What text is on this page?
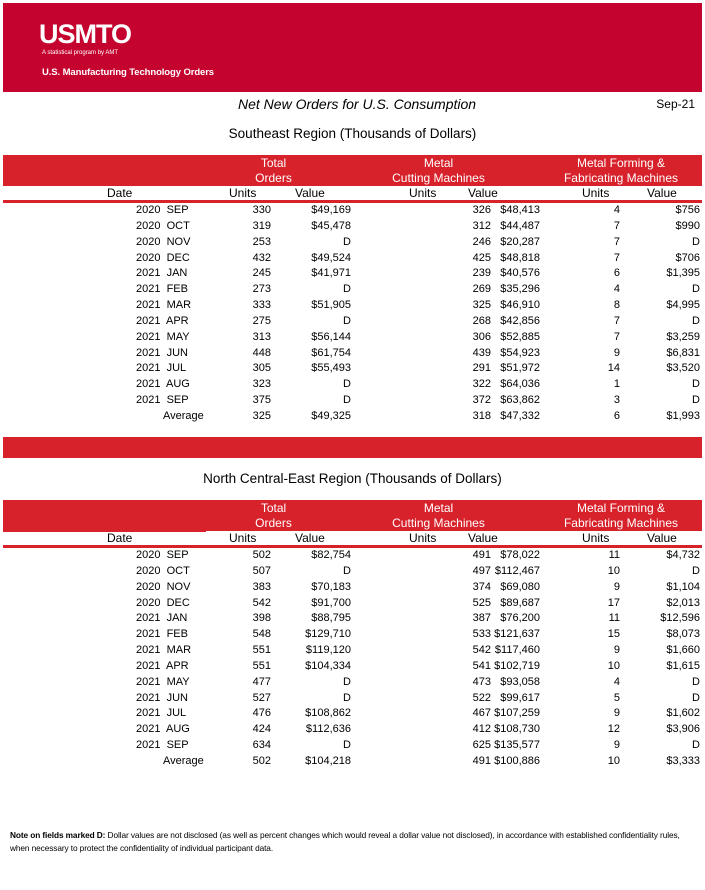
USMTO
A statistical program by AMT
U.S. Manufacturing Technology Orders
Net New Orders for U.S. Consumption	Sep-21
Southeast Region (Thousands of Dollars)
Total
Orders
Metal
Cutting Machines
Metal Forming &
Fabricating Machines
Date	Units	Value	Units	Value	Units	Value
2020  SEP	330	$49,169	326 $48,413	4	$756
2020  OCT	319	$45,478	312 $44,487	7	$990
2020  NOV	253	D	246 $20,287	7	D
2020  DEC	432	$49,524	425 $48,818	7	$706
2021  JAN	245	$41,971	239 $40,576	6	$1,395
2021  FEB	273	D	269 $35,296	4	D
2021  MAR	333	$51,905	325 $46,910	8	$4,995
2021  APR	275	D	268 $42,856	7	D
2021  MAY	313	$56,144	306 $52,885	7	$3,259
2021  JUN	448	$61,754	439 $54,923	9	$6,831
2021  JUL	305	$55,493	291 $51,972	14	$3,520
2021  AUG	323	D	322 $64,036	1	D
2021  SEP	375	D	372 $63,862	3	D
Average	325	$49,325	318 $47,332	6	$1,993
North Central-East Region (Thousands of Dollars)
Total
Orders
Metal
Cutting Machines
Metal Forming &
Fabricating Machines
Date	Units	Value	Units	Value	Units	Value
2020  SEP	502	$82,754	491 $78,022	11	$4,732
2020  OCT	507	D	497 $112,467	10	D
2020  NOV	383	$70,183	374 $69,080	9	$1,104
2020  DEC	542	$91,700	525 $89,687	17	$2,013
2021  JAN	398	$88,795	387 $76,200	11	$12,596
2021  FEB	548	$129,710	533 $121,637	15	$8,073
2021  MAR	551	$119,120	542 $117,460	9	$1,660
2021  APR	551	$104,334	541 $102,719	10	$1,615
2021  MAY	477	D	473 $93,058	4	D
2021  JUN	527	D	522 $99,617	5	D
2021  JUL	476	$108,862	467 $107,259	9	$1,602
2021  AUG	424	$112,636	412 $108,730	12	$3,906
2021  SEP	634	D	625 $135,577	9	D
Average	502	$104,218	491 $100,886	10	$3,333
Note on fields marked D: Dollar values are not disclosed (as well as percent changes which would reveal a dollar value not disclosed), in accordance with established confidentiality rules, when necessary to protect the confidentiality of individual participant data.
